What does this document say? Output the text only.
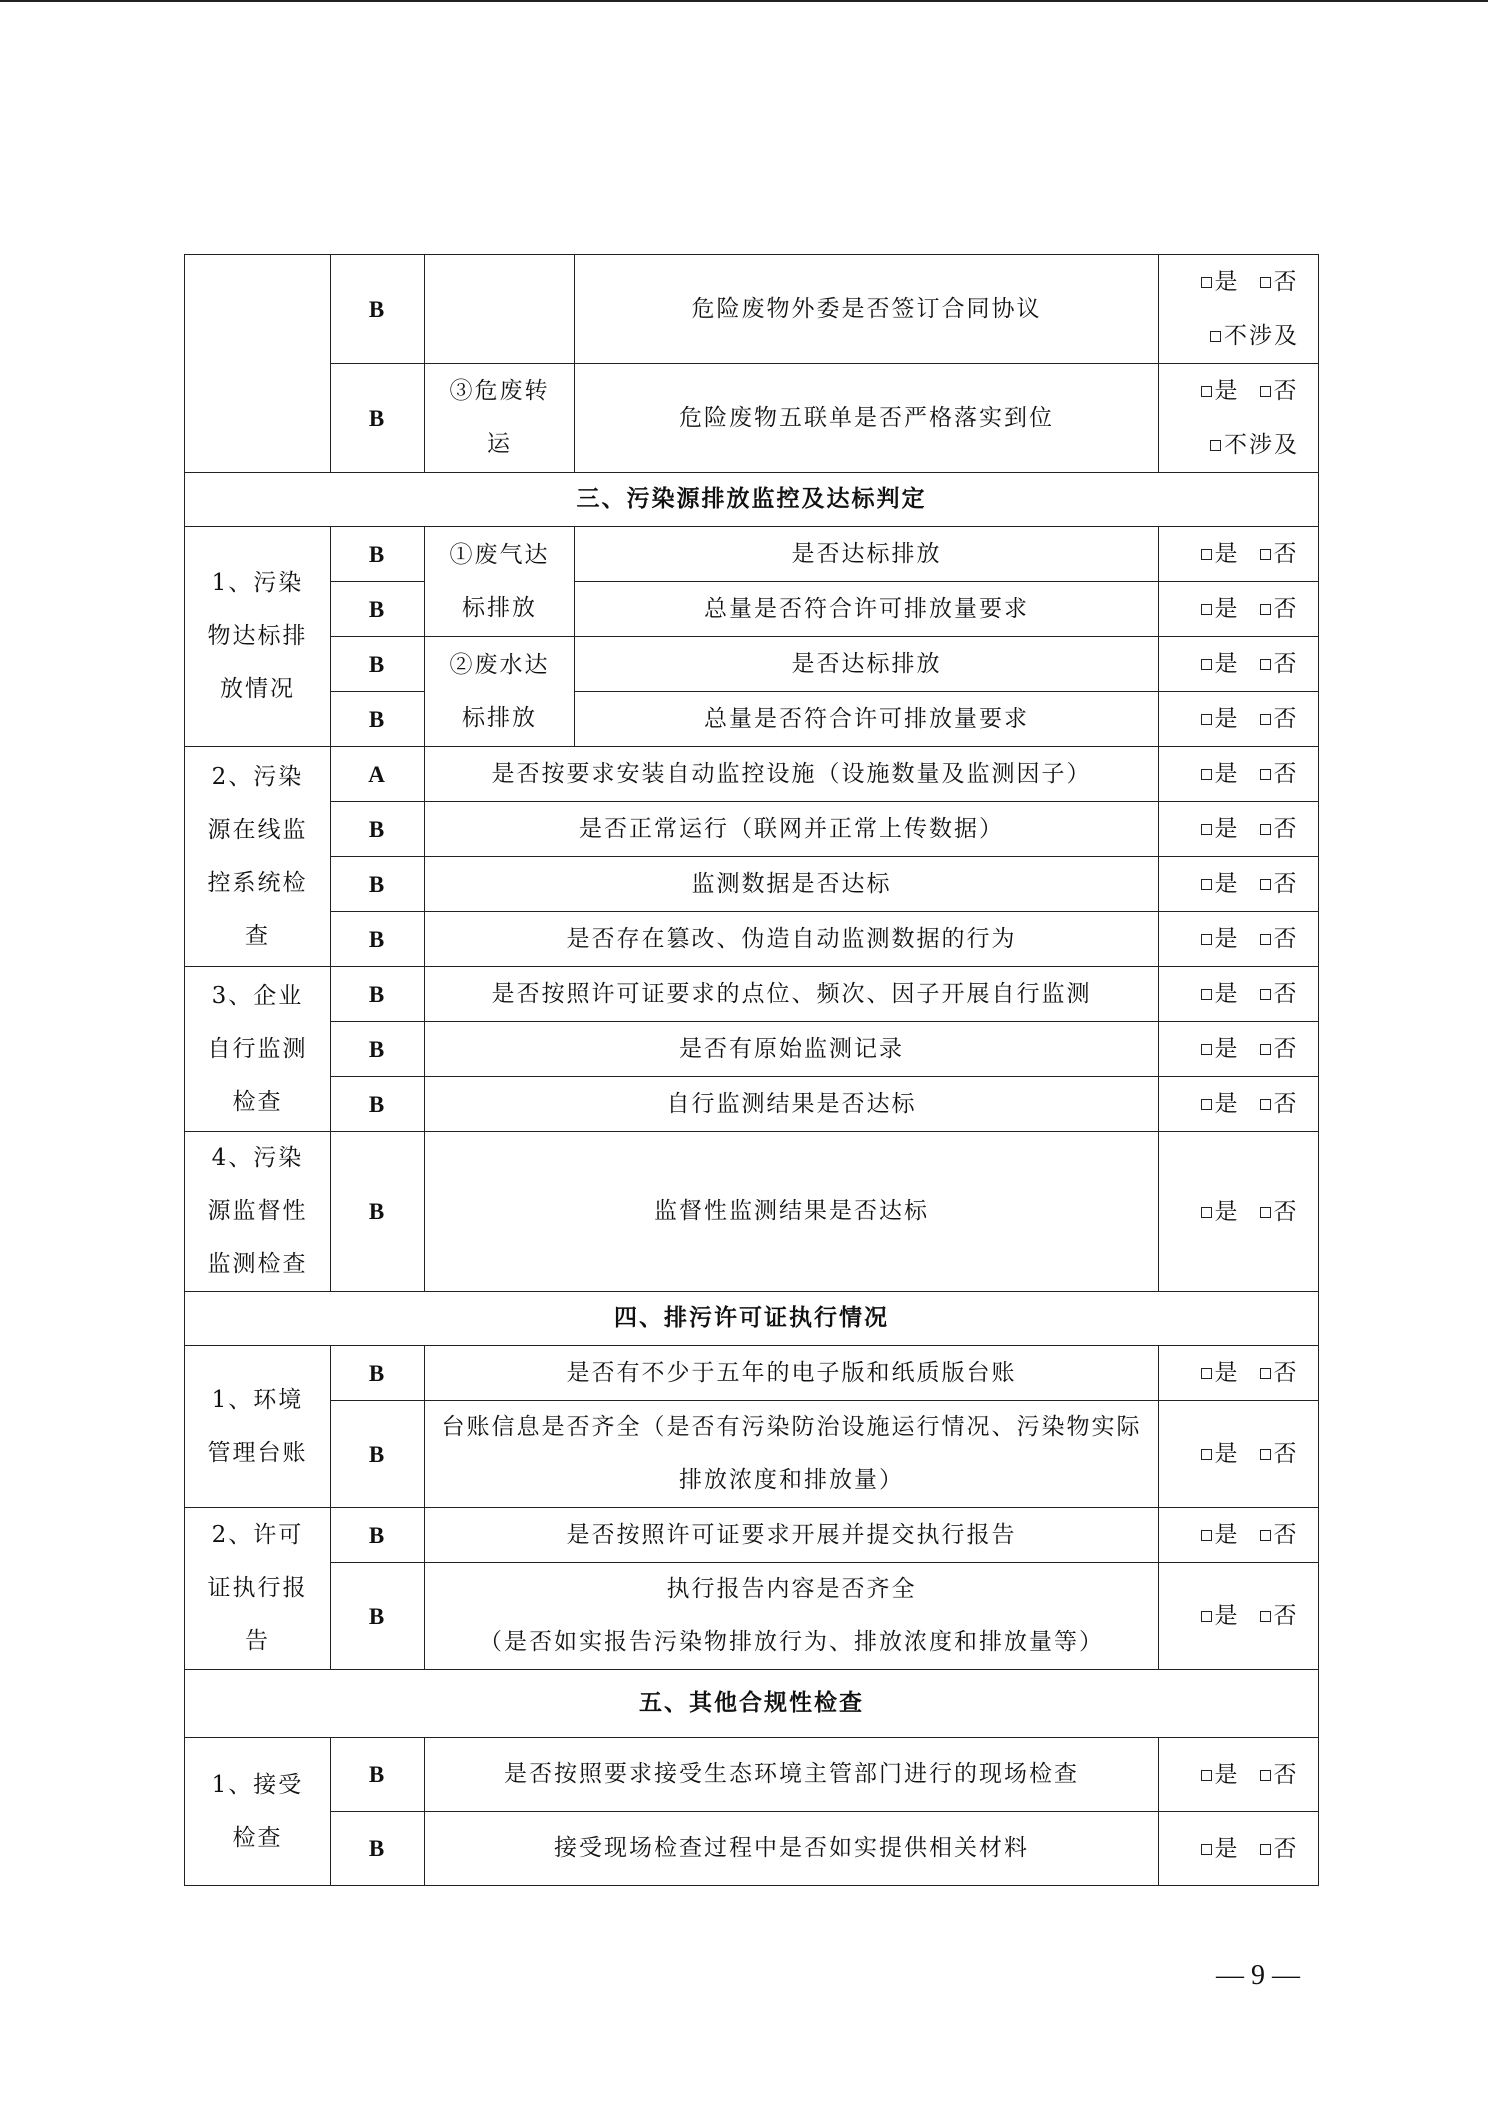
	B		危险废物外委是否签订合同协议	是 否

不涉及

	B	③危废转运	危险废物五联单是否严格落实到位	是 否

不涉及

三、污染源排放监控及达标判定				
1、污染物达标排放情况	B	①废气达标排放	是否达标排放	是 否

	B		总量是否符合许可排放量要求	是 否

	B	②废水达标排放	是否达标排放	是 否

	B		总量是否符合许可排放量要求	是 否

2、污染源在线监控系统检查	A	是否按要求安装自动监控设施（设施数量及监测因子）		是 否

	B	是否正常运行（联网并正常上传数据）		是 否

	B	监测数据是否达标		是 否

	B	是否存在篡改、伪造自动监测数据的行为		是 否

3、企业自行监测检查	B	是否按照许可证要求的点位、频次、因子开展自行监测		是 否

	B	是否有原始监测记录		是 否

	B	自行监测结果是否达标		是 否

4、污染源监督性监测检查	B	监督性监测结果是否达标		是 否

四、排污许可证执行情况				
1、环境管理台账	B	是否有不少于五年的电子版和纸质版台账		是 否

	B	台账信息是否齐全（是否有污染防治设施运行情况、污染物实际排放浓度和排放量）		是 否

2、许可证执行报告	B	是否按照许可证要求开展并提交执行报告		是 否

	B	执行报告内容是否齐全
（是否如实报告污染物排放行为、排放浓度和排放量等）		是 否

五、其他合规性检查				
1、接受检查	B	是否按照要求接受生态环境主管部门进行的现场检查		是 否

	B	接受现场检查过程中是否如实提供相关材料		是 否
— 9 —
